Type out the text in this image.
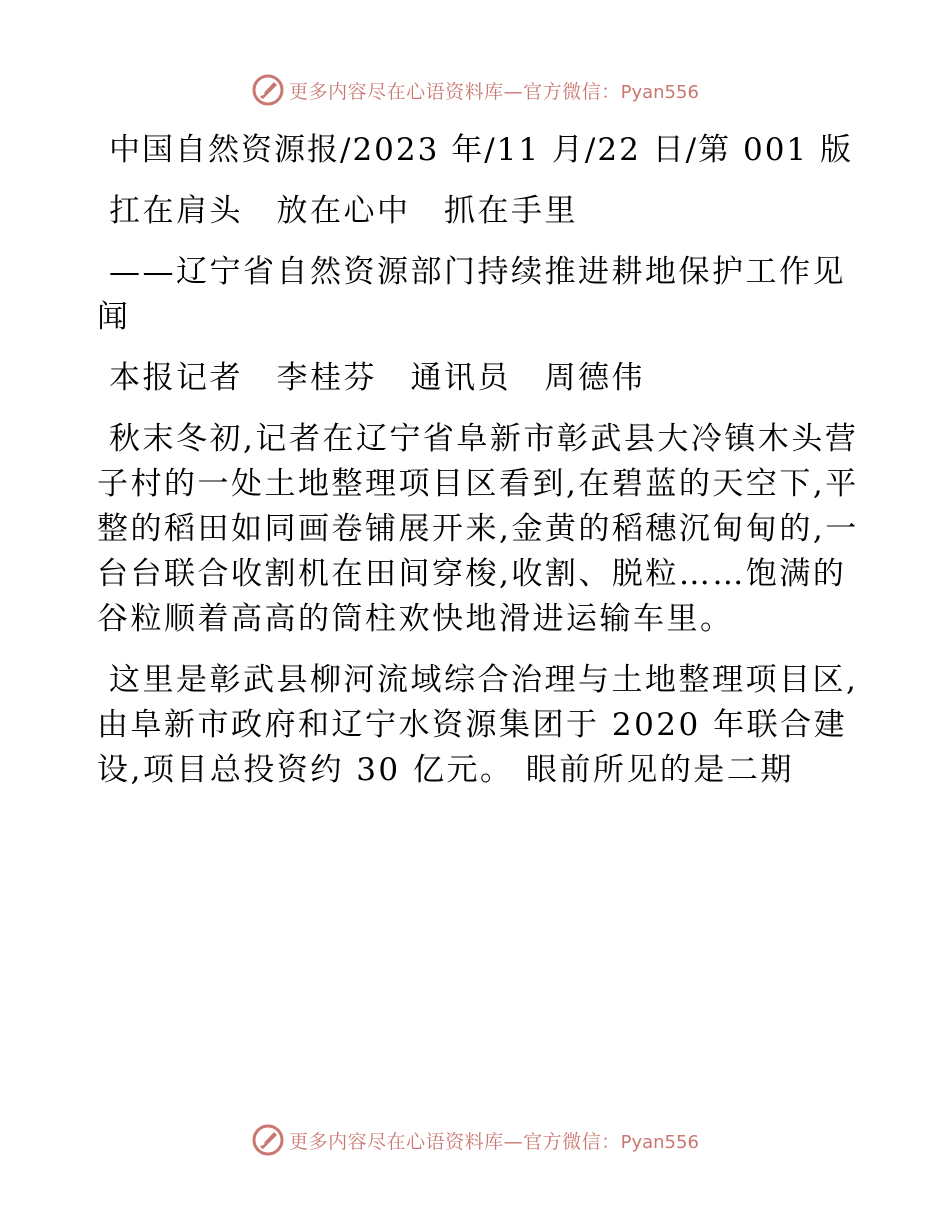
更多内容尽在心语资料库—官方微信：Pyan556

中国自然资源报/2023 年/11 月/22 日/第 001 版

扛在肩头　放在心中　抓在手里

——辽宁省自然资源部门持续推进耕地保护工作见闻

本报记者　李桂芬　通讯员　周德伟

秋末冬初,记者在辽宁省阜新市彰武县大冷镇木头营子村的一处土地整理项目区看到,在碧蓝的天空下,平整的稻田如同画卷铺展开来,金黄的稻穗沉甸甸的,一台台联合收割机在田间穿梭,收割、脱粒……饱满的谷粒顺着高高的筒柱欢快地滑进运输车里。

这里是彰武县柳河流域综合治理与土地整理项目区,由阜新市政府和辽宁水资源集团于 2020 年联合建设,项目总投资约 30 亿元。 眼前所见的是二期

更多内容尽在心语资料库—官方微信：Pyan556
